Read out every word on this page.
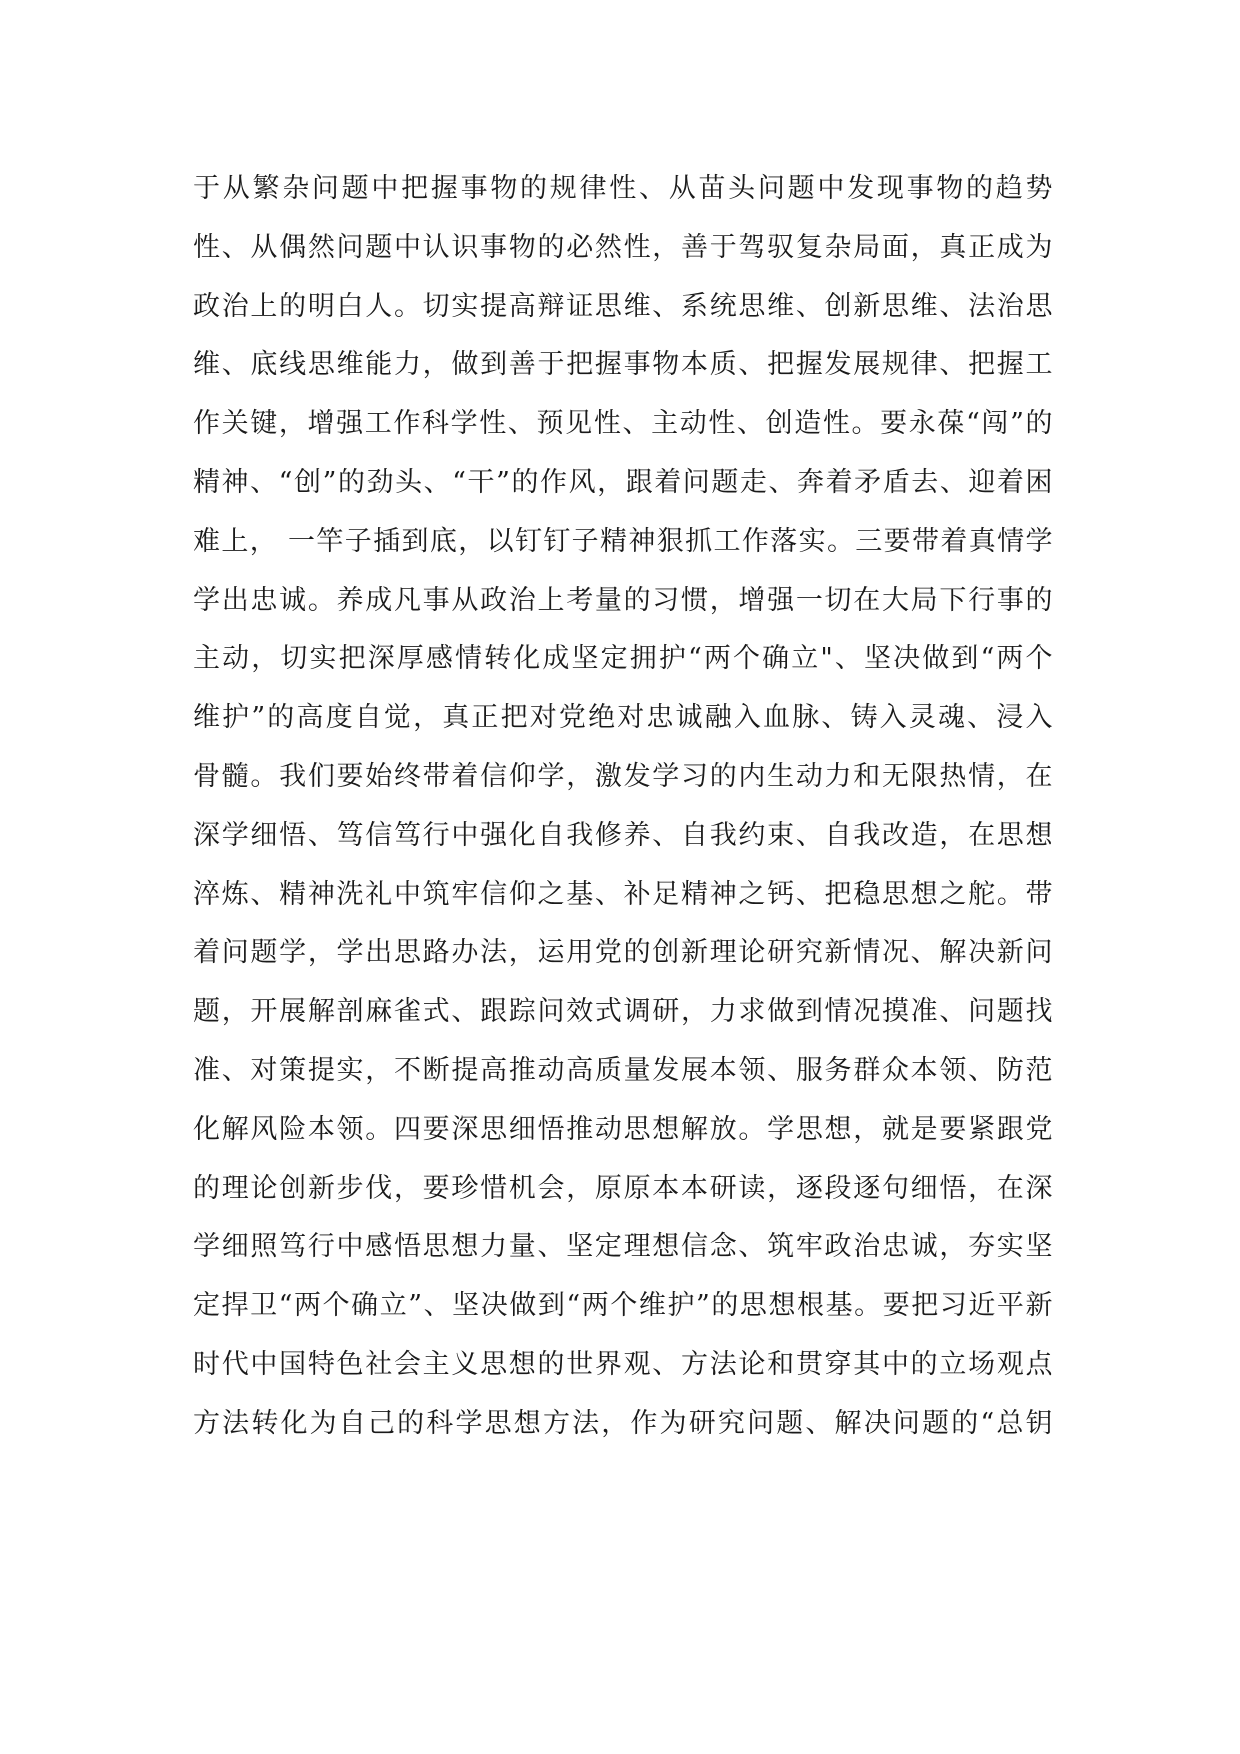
于从繁杂问题中把握事物的规律性、从苗头问题中发现事物的趋势
性、从偶然问题中认识事物的必然性，善于驾驭复杂局面，真正成为
政治上的明白人。切实提高辩证思维、系统思维、创新思维、法治思
维、底线思维能力，做到善于把握事物本质、把握发展规律、把握工
作关键，增强工作科学性、预见性、主动性、创造性。要永葆“闯”的
精神、“创”的劲头、“干”的作风，跟着问题走、奔着矛盾去、迎着困
难上， 一竿子插到底，以钉钉子精神狠抓工作落实。三要带着真情学
学出忠诚。养成凡事从政治上考量的习惯，增强一切在大局下行事的
主动，切实把深厚感情转化成坚定拥护“两个确立"、坚决做到“两个
维护”的高度自觉，真正把对党绝对忠诚融入血脉、铸入灵魂、浸入
骨髓。我们要始终带着信仰学，激发学习的内生动力和无限热情，在
深学细悟、笃信笃行中强化自我修养、自我约束、自我改造，在思想
淬炼、精神洗礼中筑牢信仰之基、补足精神之钙、把稳思想之舵。带
着问题学，学出思路办法，运用党的创新理论研究新情况、解决新问
题，开展解剖麻雀式、跟踪问效式调研，力求做到情况摸准、问题找
准、对策提实，不断提高推动高质量发展本领、服务群众本领、防范
化解风险本领。四要深思细悟推动思想解放。学思想，就是要紧跟党
的理论创新步伐，要珍惜机会，原原本本研读，逐段逐句细悟，在深
学细照笃行中感悟思想力量、坚定理想信念、筑牢政治忠诚，夯实坚
定捍卫“两个确立”、坚决做到“两个维护”的思想根基。要把习近平新
时代中国特色社会主义思想的世界观、方法论和贯穿其中的立场观点
方法转化为自己的科学思想方法，作为研究问题、解决问题的“总钥
